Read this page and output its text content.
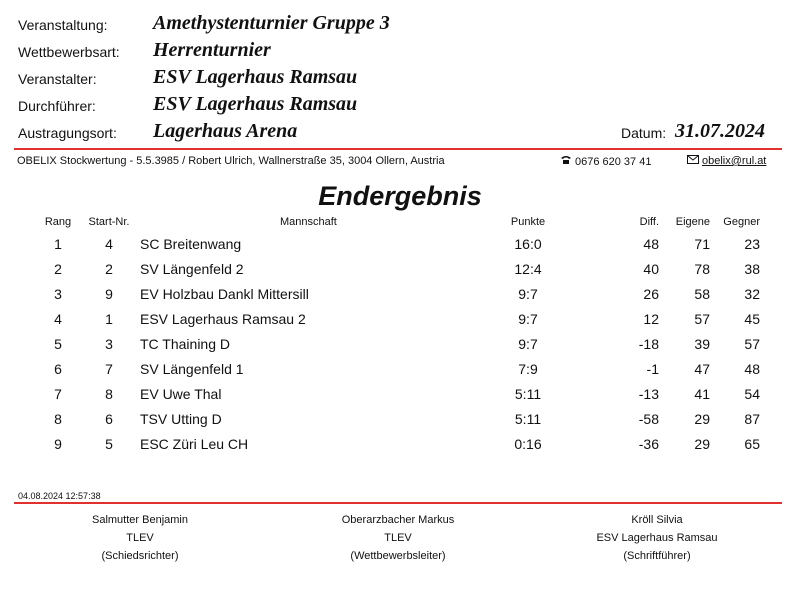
Veranstaltung: Amethystenturnier Gruppe 3
Wettbewerbsart: Herrenturnier
Veranstalter:	ESV Lagerhaus Ramsau
Durchführer:	ESV Lagerhaus Ramsau
Austragungsort: Lagerhaus Arena	Datum: 31.07.2024
OBELIX Stockwertung - 5.5.3985 / Robert Ulrich, Wallnerstraße 35, 3004 Ollern, Austria	0676 620 37 41	obelix@rul.at
Endergebnis
Rang	Start-Nr.	Mannschaft	Punkte	Diff. Eigene Gegner
1	4	SC Breitenwang	16:0	48	71 23
2	2	SV Längenfeld 2	12:4	40	78 38
3	9	EV Holzbau Dankl Mittersill	9:7	26	58 32
4	1	ESV Lagerhaus Ramsau 2	9:7	12	57 45
5	3	TC Thaining D	9:7	-18	39 57
6	7	SV Längenfeld 1	7:9	-1	47 48
7	8	EV Uwe Thal	5:11	-13	41 54
8	6	TSV Utting D	5:11	-58	29 87
9	5	ESC Züri Leu CH	0:16	-36	29 65
04.08.2024 12:57:38
Salmutter Benjamin
TLEV
(Schiedsrichter)
Oberarzbacher Markus
TLEV
(Wettbewerbsleiter)
Kröll Silvia
ESV Lagerhaus Ramsau
(Schriftführer)
